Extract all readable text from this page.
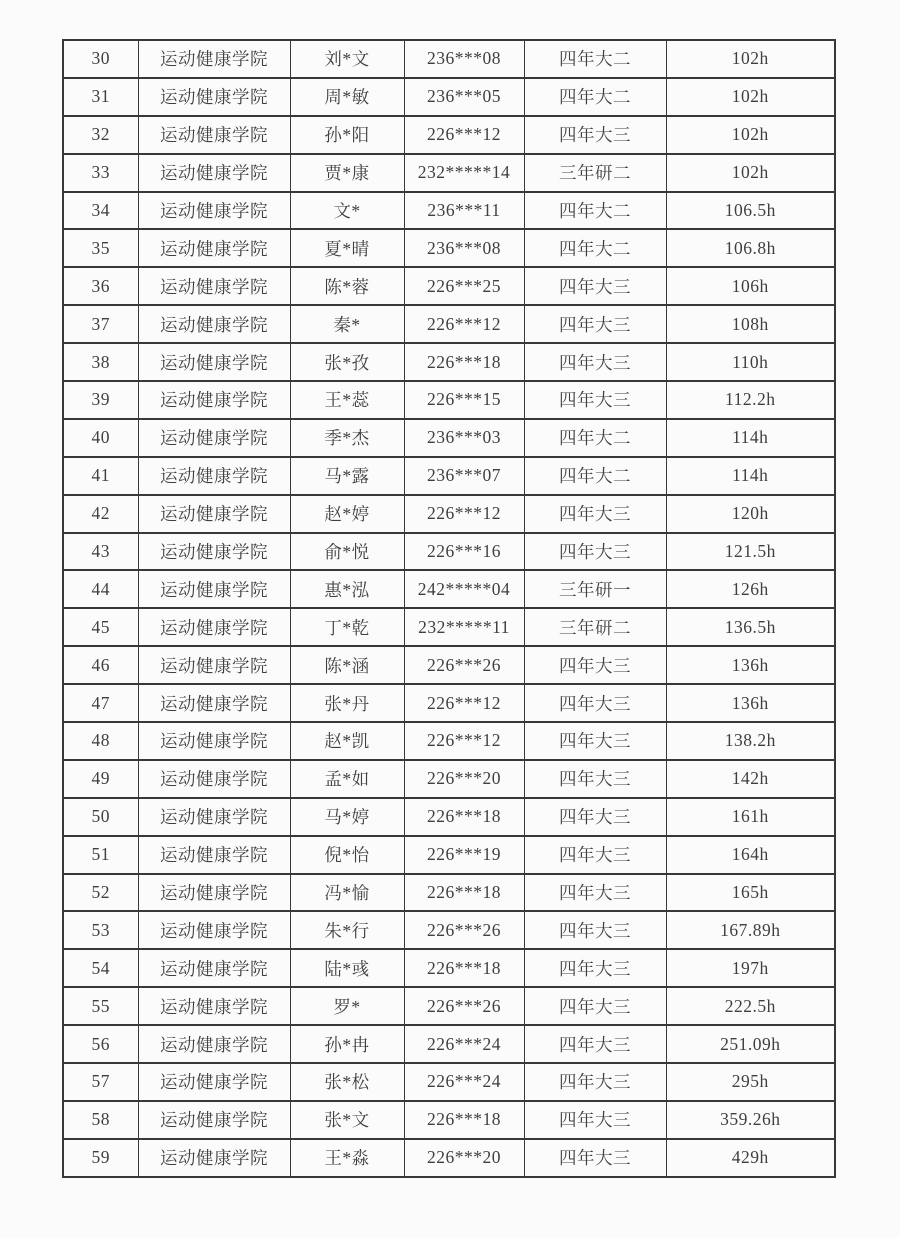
30	运动健康学院	刘*文	236***08	四年大二	102h
31	运动健康学院	周*敏	236***05	四年大二	102h
32	运动健康学院	孙*阳	226***12	四年大三	102h
33	运动健康学院	贾*康	232*****14	三年研二	102h
34	运动健康学院	文*	236***11	四年大二	106.5h
35	运动健康学院	夏*晴	236***08	四年大二	106.8h
36	运动健康学院	陈*蓉	226***25	四年大三	106h
37	运动健康学院	秦*	226***12	四年大三	108h
38	运动健康学院	张*孜	226***18	四年大三	110h
39	运动健康学院	王*蕊	226***15	四年大三	112.2h
40	运动健康学院	季*杰	236***03	四年大二	114h
41	运动健康学院	马*露	236***07	四年大二	114h
42	运动健康学院	赵*婷	226***12	四年大三	120h
43	运动健康学院	俞*悦	226***16	四年大三	121.5h
44	运动健康学院	惠*泓	242*****04	三年研一	126h
45	运动健康学院	丁*乾	232*****11	三年研二	136.5h
46	运动健康学院	陈*涵	226***26	四年大三	136h
47	运动健康学院	张*丹	226***12	四年大三	136h
48	运动健康学院	赵*凯	226***12	四年大三	138.2h
49	运动健康学院	孟*如	226***20	四年大三	142h
50	运动健康学院	马*婷	226***18	四年大三	161h
51	运动健康学院	倪*怡	226***19	四年大三	164h
52	运动健康学院	冯*愉	226***18	四年大三	165h
53	运动健康学院	朱*行	226***26	四年大三	167.89h
54	运动健康学院	陆*彧	226***18	四年大三	197h
55	运动健康学院	罗*	226***26	四年大三	222.5h
56	运动健康学院	孙*冉	226***24	四年大三	251.09h
57	运动健康学院	张*松	226***24	四年大三	295h
58	运动健康学院	张*文	226***18	四年大三	359.26h
59	运动健康学院	王*淼	226***20	四年大三	429h
